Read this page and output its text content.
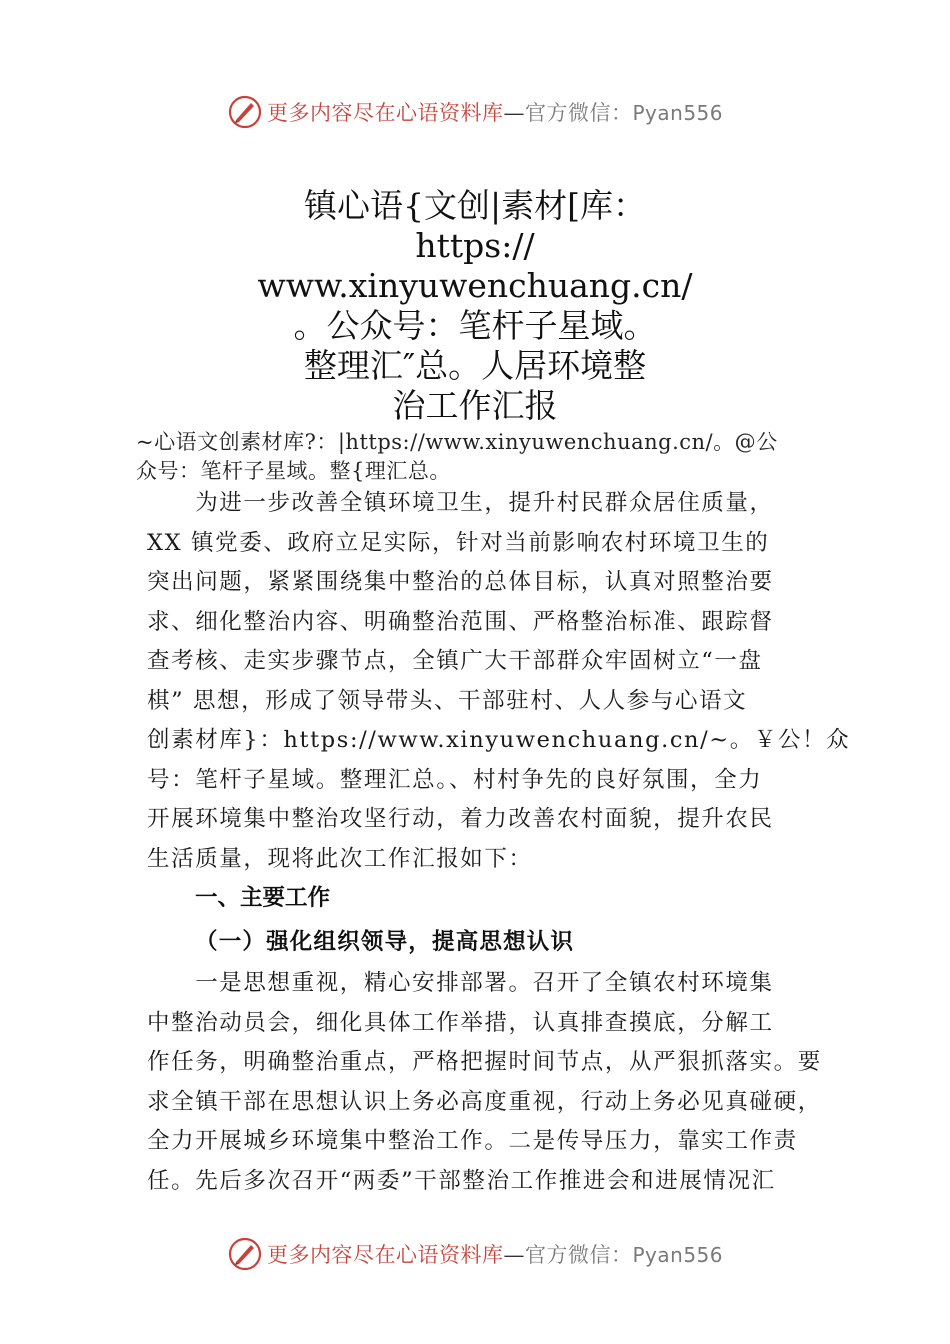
更多内容尽在心语资料库—官方微信：Pyan556
镇心语{文创|素材[库：
https://
www.xinyuwenchuang.cn/
。公众号：笔杆子星域。
整理汇″总。人居环境整
治工作汇报

~心语文创素材库?：|https://www.xinyuwenchuang.cn/。@公
众号：笔杆子星域。整{理汇总。

　　为进一步改善全镇环境卫生，提升村民群众居住质量，
XX 镇党委、政府立足实际，针对当前影响农村环境卫生的
突出问题，紧紧围绕集中整治的总体目标，认真对照整治要
求、细化整治内容、明确整治范围、严格整治标准、跟踪督
查考核、走实步骤节点，全镇广大干部群众牢固树立“一盘
棋” 思想，形成了领导带头、干部驻村、人人参与心语文
创素材库}：https://www.xinyuwenchuang.cn/~。￥公！众
号：笔杆子星域。整理汇总。、村村争先的良好氛围，全力
开展环境集中整治攻坚行动，着力改善农村面貌，提升农民
生活质量，现将此次工作汇报如下：

一、主要工作
（一）强化组织领导，提高思想认识

　　一是思想重视，精心安排部署。召开了全镇农村环境集
中整治动员会，细化具体工作举措，认真排查摸底，分解工
作任务，明确整治重点，严格把握时间节点，从严狠抓落实。要
求全镇干部在思想认识上务必高度重视，行动上务必见真碰硬，
全力开展城乡环境集中整治工作。二是传导压力，靠实工作责
任。先后多次召开“两委”干部整治工作推进会和进展情况汇

更多内容尽在心语资料库—官方微信：Pyan556
